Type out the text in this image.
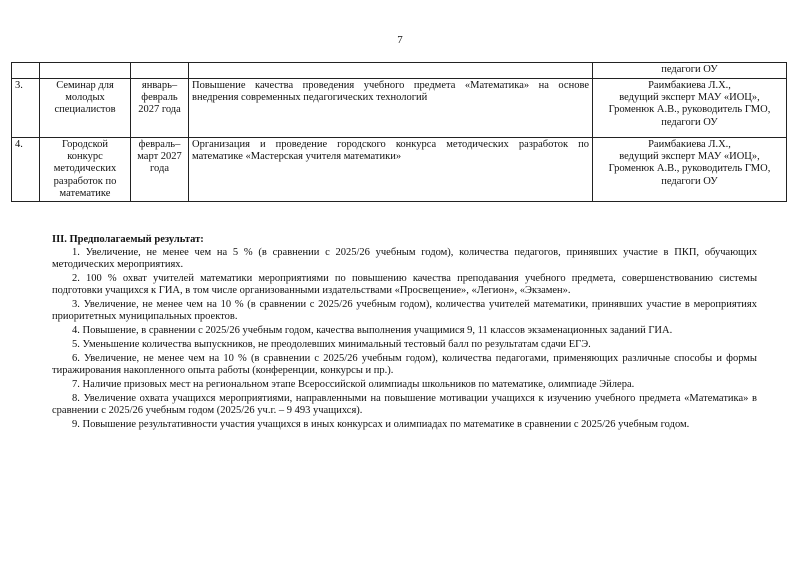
7
				педагоги ОУ
3.	Семинар для молодых специалистов	январь–февраль 2027 года	Повышение качества проведения учебного предмета «Математика» на основе внедрения современных педагогических технологий	Раимбакиева Л.Х.,
ведущий эксперт МАУ «ИОЦ»,
Громенюк А.В., руководитель ГМО,
педагоги ОУ

4.	Городской конкурс методических разработок по математике	февраль–март 2027 года	Организация и проведение городского конкурса методических разработок по математике «Мастерская учителя математики»	Раимбакиева Л.Х.,
ведущий эксперт МАУ «ИОЦ»,
Громенюк А.В., руководитель ГМО,
педагоги ОУ
III. Предполагаемый результат:

1. Увеличение, не менее чем на 5 % (в сравнении с 2025/26 учебным годом), количества педагогов, принявших участие в ПКП, обучающих методических мероприятиях.

2. 100 % охват учителей математики мероприятиями по повышению качества преподавания учебного предмета, совершенствованию системы подготовки учащихся к ГИА, в том числе организованными издательствами «Просвещение», «Легион», «Экзамен».

3. Увеличение, не менее чем на 10 % (в сравнении с 2025/26 учебным годом), количества учителей математики, принявших участие в мероприятиях приоритетных муниципальных проектов.

4. Повышение, в сравнении с 2025/26 учебным годом, качества выполнения учащимися 9, 11 классов экзаменационных заданий ГИА.

5. Уменьшение количества выпускников, не преодолевших минимальный тестовый балл по результатам сдачи ЕГЭ.

6. Увеличение, не менее чем на 10 % (в сравнении с 2025/26 учебным годом), количества педагогами, применяющих различные способы и формы тиражирования накопленного опыта работы (конференции, конкурсы и пр.).

7. Наличие призовых мест на региональном этапе Всероссийской олимпиады школьников по математике, олимпиаде Эйлера.

8. Увеличение охвата учащихся мероприятиями, направленными на повышение мотивации учащихся к изучению учебного предмета «Математика» в сравнении с 2025/26 учебным годом (2025/26 уч.г. – 9 493 учащихся).

9. Повышение результативности участия учащихся в иных конкурсах и олимпиадах по математике в сравнении с 2025/26 учебным годом.
